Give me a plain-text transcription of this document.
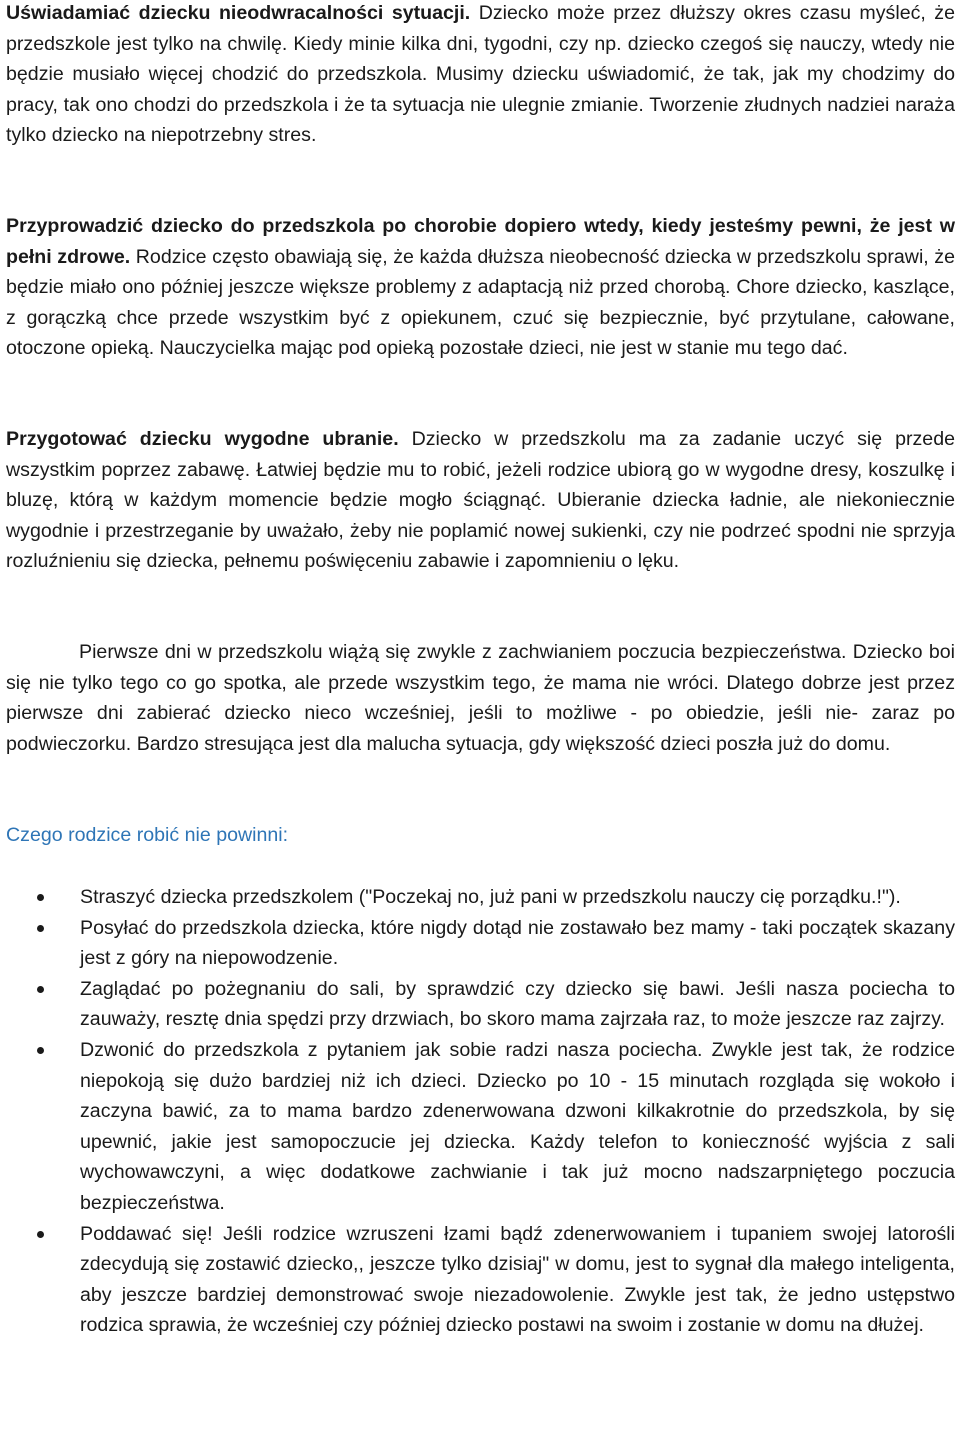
Uświadamiać dziecku nieodwracalności sytuacji. Dziecko może przez dłuższy okres czasu myśleć, że przedszkole jest tylko na chwilę. Kiedy minie kilka dni, tygodni, czy np. dziecko czegoś się nauczy, wtedy nie będzie musiało więcej chodzić do przedszkola. Musimy dziecku uświadomić, że tak, jak my chodzimy do pracy, tak ono chodzi do przedszkola i że ta sytuacja nie ulegnie zmianie. Tworzenie złudnych nadziei naraża tylko dziecko na niepotrzebny stres.

Przyprowadzić dziecko do przedszkola po chorobie dopiero wtedy, kiedy jesteśmy pewni, że jest w pełni zdrowe. Rodzice często obawiają się, że każda dłuższa nieobecność dziecka w przedszkolu sprawi, że będzie miało ono później jeszcze większe problemy z adaptacją niż przed chorobą. Chore dziecko, kaszlące, z gorączką chce przede wszystkim być z opiekunem, czuć się bezpiecznie, być przytulane, całowane, otoczone opieką. Nauczycielka mając pod opieką pozostałe dzieci, nie jest w stanie mu tego dać.

Przygotować dziecku wygodne ubranie. Dziecko w przedszkolu ma za zadanie uczyć się przede wszystkim poprzez zabawę. Łatwiej będzie mu to robić, jeżeli rodzice ubiorą go w wygodne dresy, koszulkę i bluzę, którą w każdym momencie będzie mogło ściągnąć. Ubieranie dziecka ładnie, ale niekoniecznie wygodnie i przestrzeganie by uważało, żeby nie poplamić nowej sukienki, czy nie podrzeć spodni nie sprzyja rozluźnieniu się dziecka, pełnemu poświęceniu zabawie i zapomnieniu o lęku.

Pierwsze dni w przedszkolu wiążą się zwykle z zachwianiem poczucia bezpieczeństwa. Dziecko boi się nie tylko tego co go spotka, ale przede wszystkim tego, że mama nie wróci. Dlatego dobrze jest przez pierwsze dni zabierać dziecko nieco wcześniej, jeśli to możliwe - po obiedzie, jeśli nie- zaraz po podwieczorku. Bardzo stresująca jest dla malucha sytuacja, gdy większość dzieci poszła już do domu.

Czego rodzice robić nie powinni:

Straszyć dziecka przedszkolem ("Poczekaj no, już pani w przedszkolu nauczy cię porządku.!").
Posyłać do przedszkola dziecka, które nigdy dotąd nie zostawało bez mamy - taki początek skazany jest z góry na niepowodzenie.
Zaglądać po pożegnaniu do sali, by sprawdzić czy dziecko się bawi. Jeśli nasza pociecha to zauważy, resztę dnia spędzi przy drzwiach, bo skoro mama zajrzała raz, to może jeszcze raz zajrzy.
Dzwonić do przedszkola z pytaniem jak sobie radzi nasza pociecha. Zwykle jest tak, że rodzice niepokoją się dużo bardziej niż ich dzieci. Dziecko po 10 - 15 minutach rozgląda się wokoło i zaczyna bawić, za to mama bardzo zdenerwowana dzwoni kilkakrotnie do przedszkola, by się upewnić, jakie jest samopoczucie jej dziecka. Każdy telefon to konieczność wyjścia z sali wychowawczyni, a więc dodatkowe zachwianie i tak już mocno nadszarpniętego poczucia bezpieczeństwa.
Poddawać się! Jeśli rodzice wzruszeni łzami bądź zdenerwowaniem i tupaniem swojej latorośli zdecydują się zostawić dziecko,, jeszcze tylko dzisiaj" w domu, jest to sygnał dla małego inteligenta, aby jeszcze bardziej demonstrować swoje niezadowolenie. Zwykle jest tak, że jedno ustępstwo rodzica sprawia, że wcześniej czy później dziecko postawi na swoim i zostanie w domu na dłużej.
